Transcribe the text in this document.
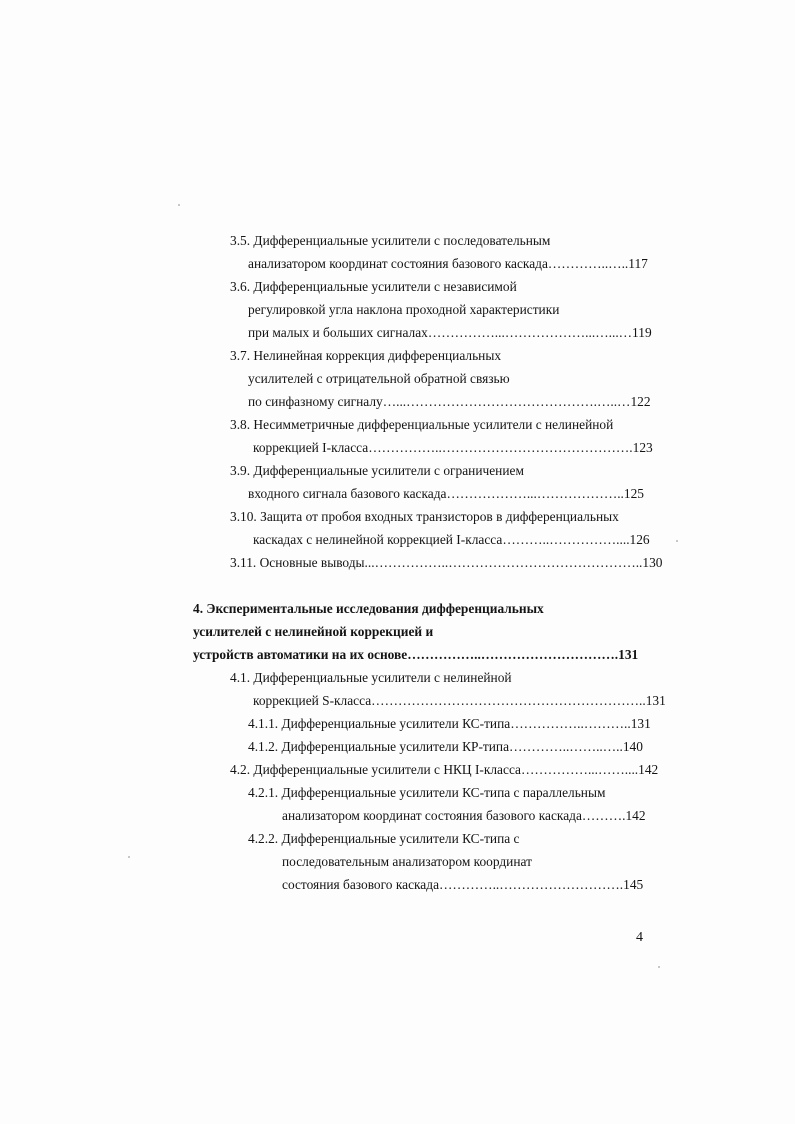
3.5. Дифференциальные усилители с последовательным
анализатором координат состояния базового каскада…………..…..117
3.6. Дифференциальные усилители с независимой
регулировкой угла наклона проходной характеристики
при малых и больших сигналах……………...………………...…...…119
3.7. Нелинейная коррекция дифференциальных
усилителей с отрицательной обратной связью
по синфазному сигналу…...…………………………………….…..…122
3.8. Несимметричные дифференциальные усилители с нелинейной
коррекцией I-класса……………..…………………………………….123
3.9. Дифференциальные усилители с ограничением
входного сигнала базового каскада………………...………………..125
3.10. Защита от пробоя входных транзисторов в дифференциальных
каскадах с нелинейной коррекцией I-класса………..……………....126
3.11. Основные выводы...……………..……………………………………..130
4. Экспериментальные исследования дифференциальных
усилителей с нелинейной коррекцией и
устройств автоматики на их основе……………..………………………….131
4.1. Дифференциальные усилители с нелинейной
коррекцией S-класса……………………………………………………..131
4.1.1. Дифференциальные усилители КС-типа……………..………..131
4.1.2. Дифференциальные усилители КР-типа…………..……..…..140
4.2. Дифференциальные усилители с НКЦ I-класса……………...……....142
4.2.1. Дифференциальные усилители КС-типа с параллельным
анализатором координат состояния базового каскада……….142
4.2.2. Дифференциальные усилители КС-типа с
последовательным анализатором координат
состояния базового каскада…………..……………………….145
4
